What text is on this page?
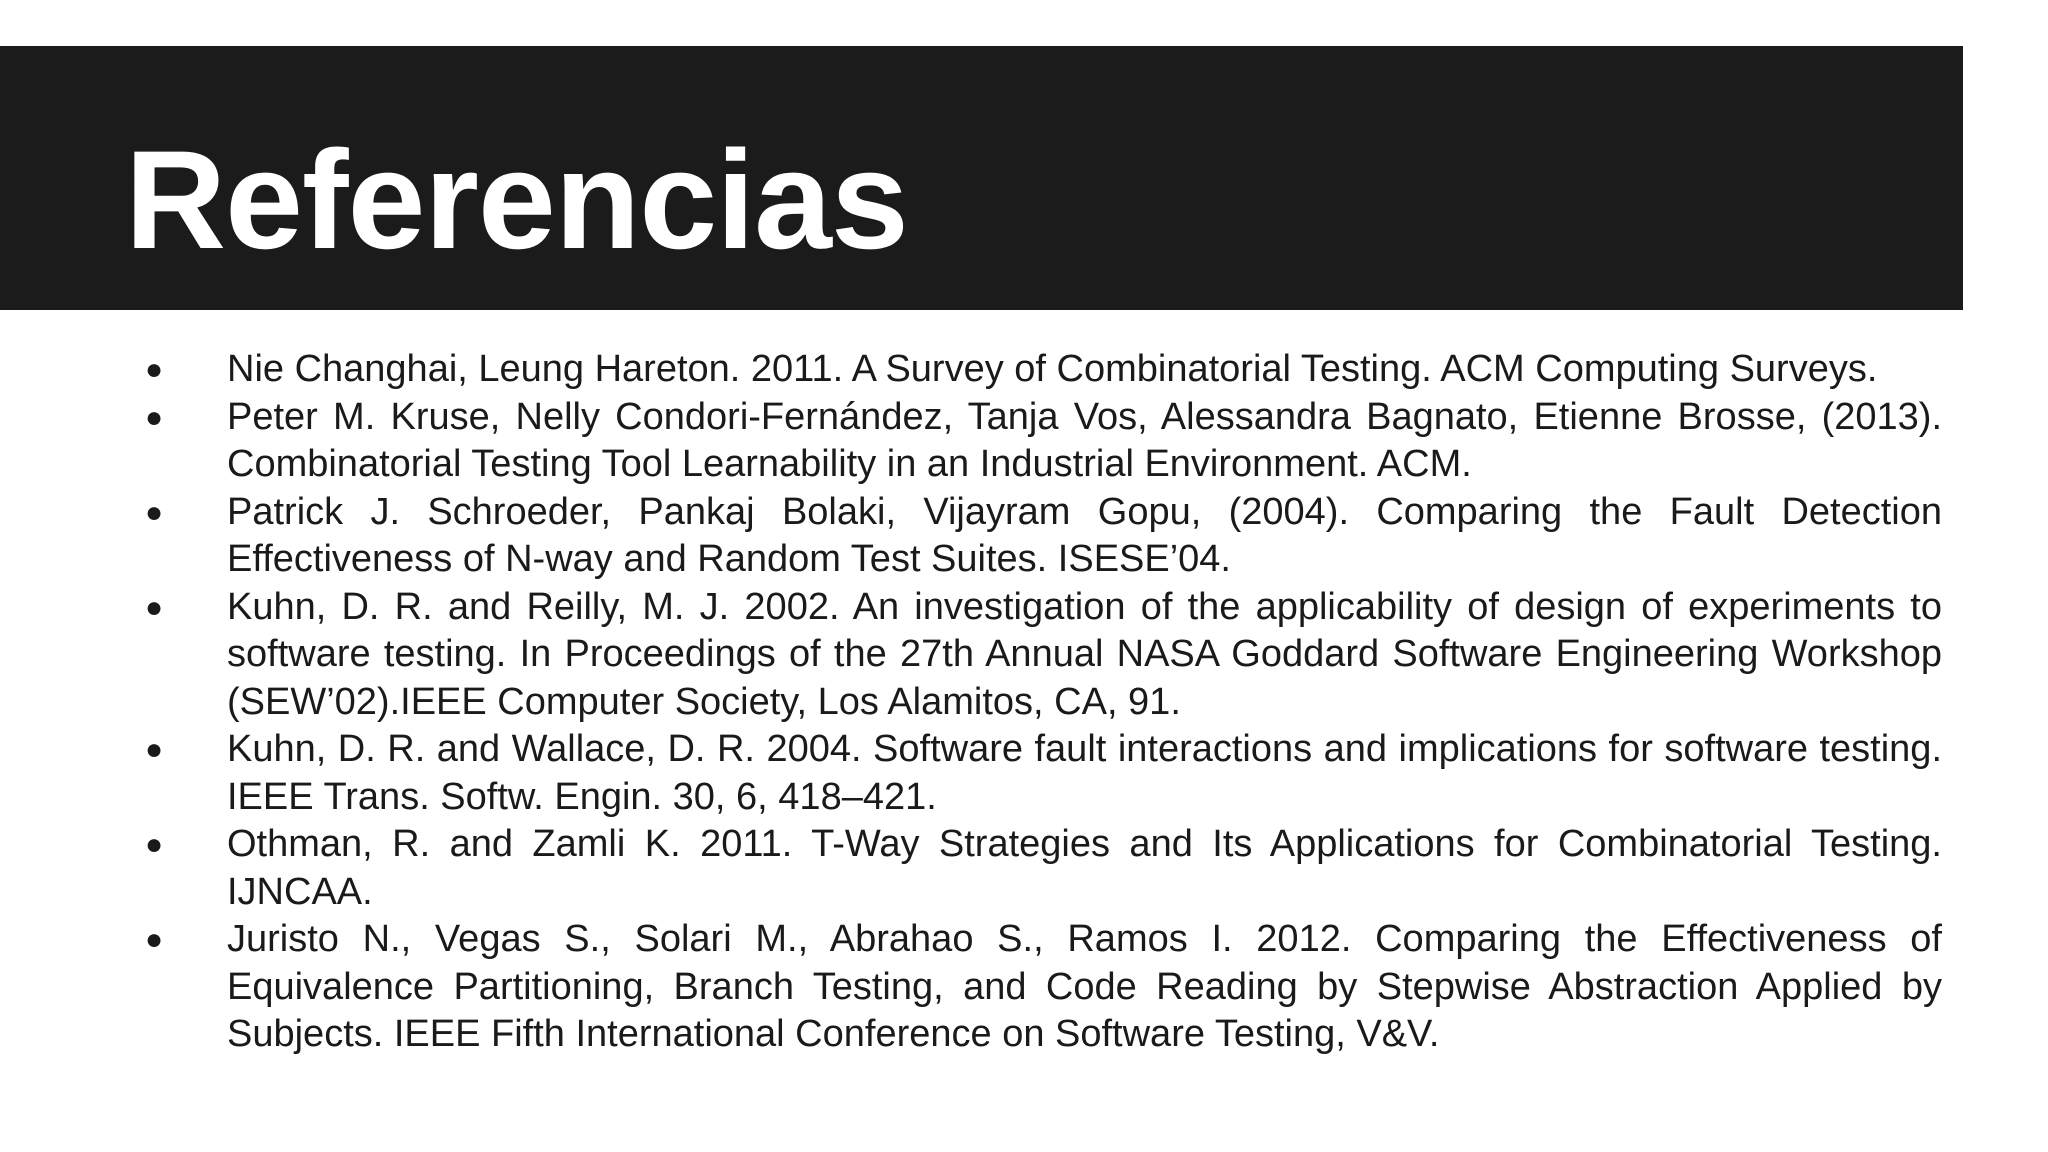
Referencias
● Nie Changhai, Leung Hareton. 2011. A Survey of Combinatorial Testing. ACM Computing Surveys.
● Peter M. Kruse, Nelly Condori-Fernández, Tanja Vos, Alessandra Bagnato, Etienne Brosse, (2013). Combinatorial Testing Tool Learnability in an Industrial Environment. ACM.
● Patrick J. Schroeder, Pankaj Bolaki, Vijayram Gopu, (2004). Comparing the Fault Detection Effectiveness of N-way and Random Test Suites. ISESE’04.
● Kuhn, D. R. and Reilly, M. J. 2002. An investigation of the applicability of design of experiments to software testing. In Proceedings of the 27th Annual NASA Goddard Software Engineering Workshop (SEW’02).IEEE Computer Society, Los Alamitos, CA, 91.
● Kuhn, D. R. and Wallace, D. R. 2004. Software fault interactions and implications for software testing. IEEE Trans. Softw. Engin. 30, 6, 418–421.
● Othman, R. and Zamli K. 2011. T-Way Strategies and Its Applications for Combinatorial Testing. IJNCAA.
● Juristo N., Vegas S., Solari M., Abrahao S., Ramos I. 2012. Comparing the Effectiveness of Equivalence Partitioning, Branch Testing, and Code Reading by Stepwise Abstraction Applied by Subjects. IEEE Fifth International Conference on Software Testing, V&V.
